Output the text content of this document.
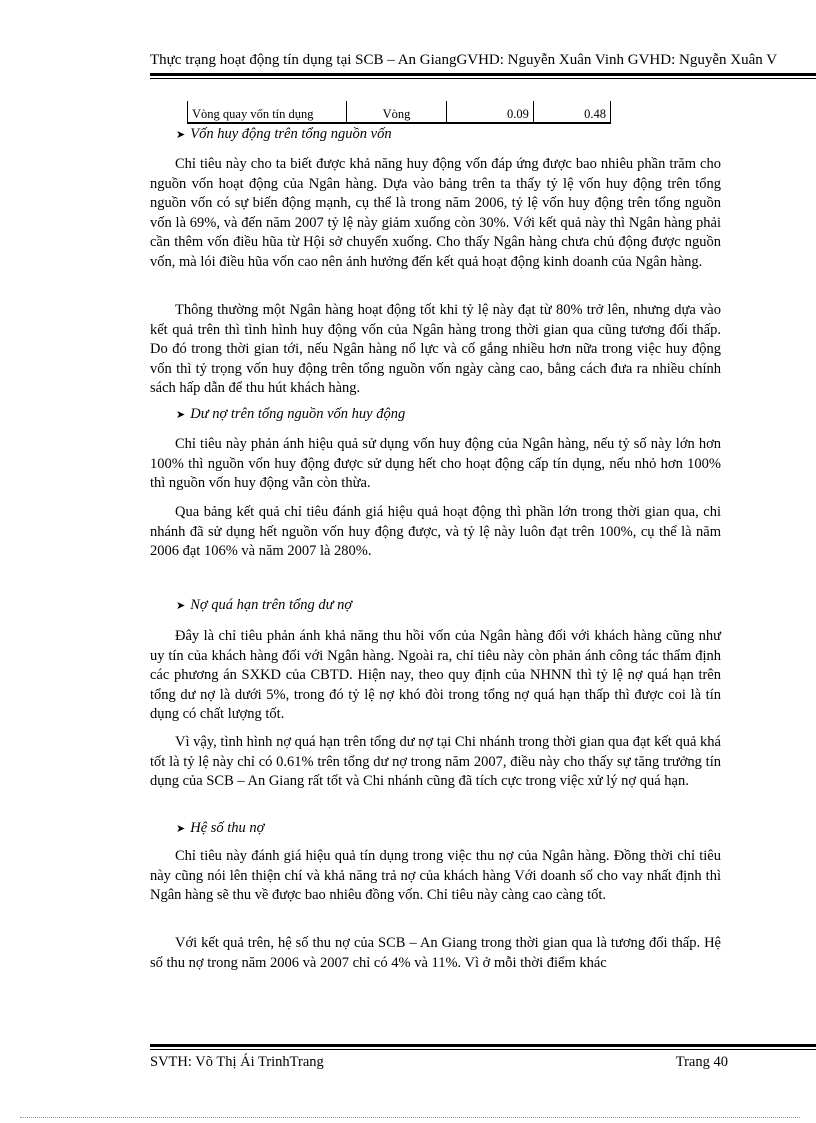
Thực trạng hoạt động tín dụng tại SCB – An GiangGVHD: Nguyễn Xuân Vinh GVHD: Nguyễn Xuân V
Vòng quay vốn tín dụng	Vòng	0.09	0.48
➤ Vốn huy động trên tổng nguồn vốn

Chỉ tiêu này cho ta biết được khả năng huy động vốn đáp ứng được bao nhiêu phần trăm cho nguồn vốn hoạt động của Ngân hàng. Dựa vào bảng trên ta thấy tỷ lệ vốn huy động trên tổng nguồn vốn có sự biến động mạnh, cụ thể là trong năm 2006, tỷ lệ vốn huy động trên tổng nguồn vốn là 69%, và đến năm 2007 tỷ lệ này giảm xuống còn 30%. Với kết quả này thì Ngân hàng phải cần thêm vốn điều hũa từ Hội sở chuyển xuống. Cho thấy Ngân hàng chưa chủ động được nguồn vốn, mà lói điều hũa vốn cao nên ảnh hưởng đến kết quả hoạt động kinh doanh của Ngân hàng.

Thông thường một Ngân hàng hoạt động tốt khi tỷ lệ này đạt từ 80% trở lên, nhưng dựa vào kết quả trên thì tình hình huy động vốn của Ngân hàng trong thời gian qua cũng tương đối thấp. Do đó trong thời gian tới, nếu Ngân hàng nổ lực và cố gắng nhiều hơn nữa trong việc huy động vốn thì tỷ trọng vốn huy động trên tổng nguồn vốn ngày càng cao, bằng cách đưa ra nhiều chính sách hấp dẫn để thu hút khách hàng.

➤ Dư nợ trên tổng nguồn vốn huy động

Chỉ tiêu này phản ánh hiệu quả sử dụng vốn huy động của Ngân hàng, nếu tỷ số này lớn hơn 100% thì nguồn vốn huy động được sử dụng hết cho hoạt động cấp tín dụng, nếu nhỏ hơn 100% thì nguồn vốn huy động vẫn còn thừa.

Qua bảng kết quả chỉ tiêu đánh giá hiệu quả hoạt động thì phần lớn trong thời gian qua, chi nhánh đã sử dụng hết nguồn vốn huy động được, và tỷ lệ này luôn đạt trên 100%, cụ thể là năm 2006 đạt 106% và năm 2007 là 280%.

➤ Nợ quá hạn trên tổng dư nợ

Đây là chỉ tiêu phản ánh khả năng thu hồi vốn của Ngân hàng đối với khách hàng cũng như uy tín của khách hàng đối với Ngân hàng. Ngoài ra, chỉ tiêu này còn phản ánh công tác thẩm định các phương án SXKD của CBTD. Hiện nay, theo quy định của NHNN thì tỷ lệ nợ quá hạn trên tổng dư nợ là dưới 5%, trong đó tỷ lệ nợ khó đòi trong tổng nợ quá hạn thấp thì được coi là tín dụng có chất lượng tốt.

Vì vậy, tình hình nợ quá hạn trên tổng dư nợ tại Chi nhánh trong thời gian qua đạt kết quả khá tốt là tỷ lệ này chỉ có 0.61% trên tổng dư nợ trong năm 2007, điều này cho thấy sự tăng trưởng tín dụng của SCB – An Giang rất tốt và Chi nhánh cũng đã tích cực trong việc xử lý nợ quá hạn.

➤ Hệ số thu nợ

Chỉ tiêu này đánh giá hiệu quả tín dụng trong việc thu nợ của Ngân hàng. Đồng thời chỉ tiêu này cũng nói lên thiện chí và khả năng trả nợ của khách hàng Với doanh số cho vay nhất định thì Ngân hàng sẽ thu về được bao nhiêu đồng vốn. Chỉ tiêu này càng cao càng tốt.

Với kết quả trên, hệ số thu nợ của SCB – An Giang trong thời gian qua là tương đối thấp. Hệ số thu nợ trong năm 2006 và 2007 chỉ có 4% và 11%. Vì ở mỗi thời điểm khác

SVTH: Võ Thị Ái TrinhTrang	Trang 40
